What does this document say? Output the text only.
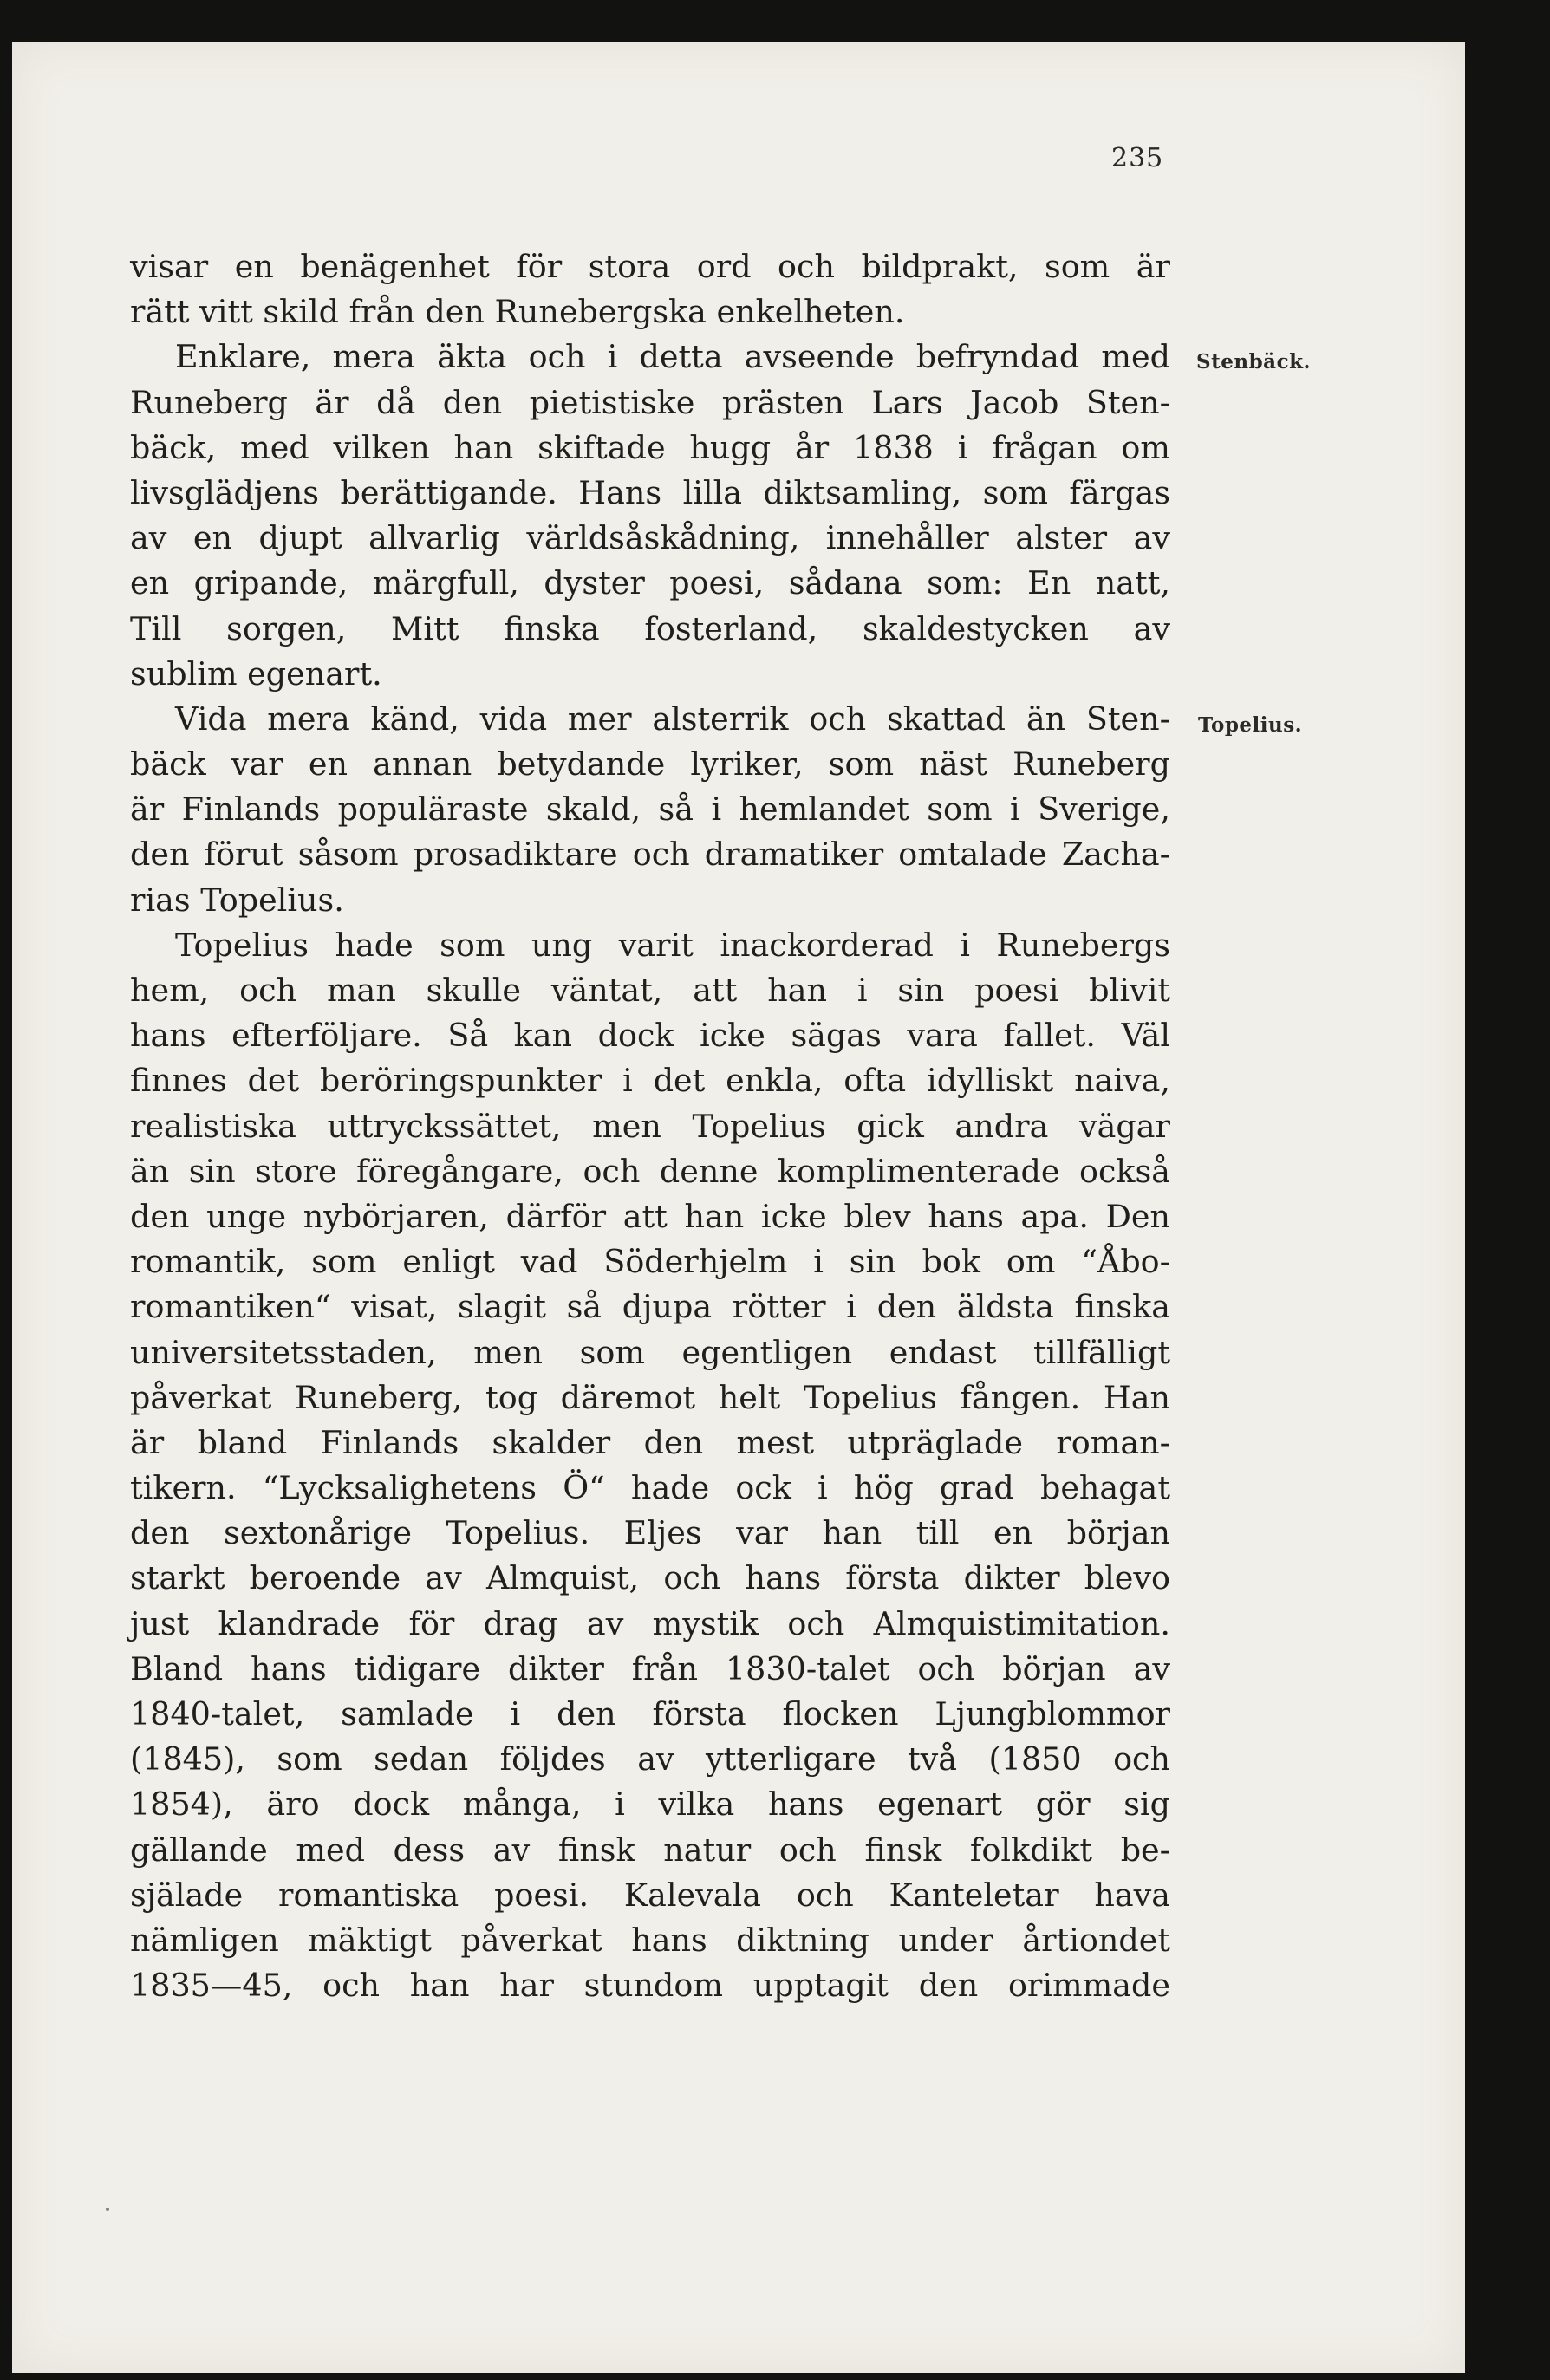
235
Stenbäck.
Topelius.
visar en benägenhet för stora ord och bildprakt, som är
rätt vitt skild från den Runebergska enkelheten.
Enklare, mera äkta och i detta avseende befryndad med
Runeberg är då den pietistiske prästen Lars Jacob Sten-
bäck, med vilken han skiftade hugg år 1838 i frågan om
livsglädjens berättigande. Hans lilla diktsamling, som färgas
av en djupt allvarlig världsåskådning, innehåller alster av
en gripande, märgfull, dyster poesi, sådana som: En natt,
Till sorgen, Mitt finska fosterland, skaldestycken av
sublim egenart.
Vida mera känd, vida mer alsterrik och skattad än Sten-
bäck var en annan betydande lyriker, som näst Runeberg
är Finlands populäraste skald, så i hemlandet som i Sverige,
den förut såsom prosadiktare och dramatiker omtalade Zacha-
rias Topelius.
Topelius hade som ung varit inackorderad i Runebergs
hem, och man skulle väntat, att han i sin poesi blivit
hans efterföljare. Så kan dock icke sägas vara fallet. Väl
finnes det beröringspunkter i det enkla, ofta idylliskt naiva,
realistiska uttryckssättet, men Topelius gick andra vägar
än sin store föregångare, och denne komplimenterade också
den unge nybörjaren, därför att han icke blev hans apa. Den
romantik, som enligt vad Söderhjelm i sin bok om “Åbo-
romantiken“ visat, slagit så djupa rötter i den äldsta finska
universitetsstaden, men som egentligen endast tillfälligt
påverkat Runeberg, tog däremot helt Topelius fången. Han
är bland Finlands skalder den mest utpräglade roman-
tikern. “Lycksalighetens Ö“ hade ock i hög grad behagat
den sextonårige Topelius. Eljes var han till en början
starkt beroende av Almquist, och hans första dikter blevo
just klandrade för drag av mystik och Almquistimitation.
Bland hans tidigare dikter från 1830-talet och början av
1840-talet, samlade i den första flocken Ljungblommor
(1845), som sedan följdes av ytterligare två (1850 och
1854), äro dock många, i vilka hans egenart gör sig
gällande med dess av finsk natur och finsk folkdikt be-
själade romantiska poesi. Kalevala och Kanteletar hava
nämligen mäktigt påverkat hans diktning under årtiondet
1835—45, och han har stundom upptagit den orimmade
